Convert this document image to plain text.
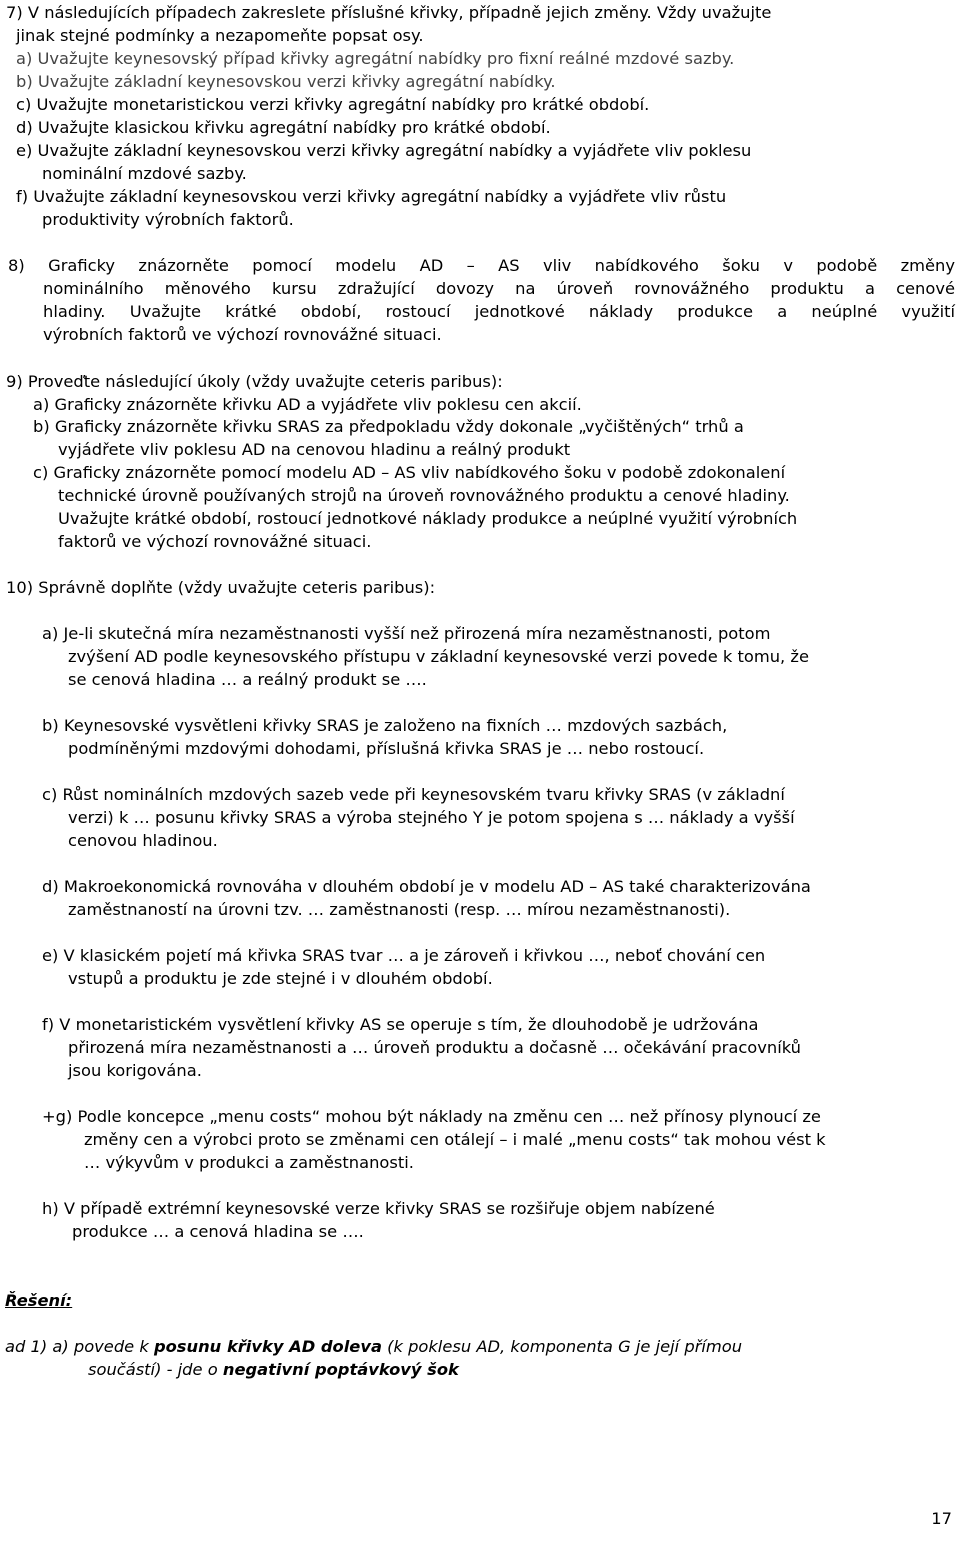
7) V následujících případech zakreslete příslušné křivky, případně jejich změny. Vždy uvažujte
jinak stejné podmínky a nezapomeňte popsat osy.
a) Uvažujte keynesovský případ křivky agregátní nabídky pro fixní reálné mzdové sazby.
b) Uvažujte základní keynesovskou verzi křivky agregátní nabídky.
c) Uvažujte monetaristickou verzi křivky agregátní nabídky pro krátké období.
d) Uvažujte klasickou křivku agregátní nabídky pro krátké období.
e) Uvažujte základní keynesovskou verzi křivky agregátní nabídky a vyjádřete vliv poklesu
nominální mzdové sazby.
f) Uvažujte základní keynesovskou verzi křivky agregátní nabídky a vyjádřete vliv růstu
produktivity výrobních faktorů.
8) Graficky znázorněte pomocí modelu AD – AS vliv nabídkového šoku v podobě změny
nominálního měnového kursu zdražující dovozy na úroveň rovnovážného produktu a cenové
hladiny. Uvažujte krátké období, rostoucí jednotkové náklady produkce a neúplné využití
výrobních faktorů ve výchozí rovnovážné situaci.
9) Proveďte následující úkoly (vždy uvažujte ceteris paribus):
a) Graficky znázorněte křivku AD a vyjádřete vliv poklesu cen akcií.
b) Graficky znázorněte křivku SRAS za předpokladu vždy dokonale „vyčištěných“ trhů a
vyjádřete vliv poklesu AD na cenovou hladinu a reálný produkt
c) Graficky znázorněte pomocí modelu AD – AS vliv nabídkového šoku v podobě zdokonalení
technické úrovně používaných strojů na úroveň rovnovážného produktu a cenové hladiny.
Uvažujte krátké období, rostoucí jednotkové náklady produkce a neúplné využití výrobních
faktorů ve výchozí rovnovážné situaci.
10) Správně doplňte (vždy uvažujte ceteris paribus):
a) Je-li skutečná míra nezaměstnanosti vyšší než přirozená míra nezaměstnanosti, potom
zvýšení AD podle keynesovského přístupu v základní keynesovské verzi povede k tomu, že
se cenová hladina … a reálný produkt se ….
b) Keynesovské vysvětleni křivky SRAS je založeno na fixních … mzdových sazbách,
podmíněnými mzdovými dohodami, příslušná křivka SRAS je … nebo rostoucí.
c) Růst nominálních mzdových sazeb vede při keynesovském tvaru křivky SRAS (v základní
verzi) k … posunu křivky SRAS a výroba stejného Y je potom spojena s … náklady a vyšší
cenovou hladinou.
d) Makroekonomická rovnováha v dlouhém období je v modelu AD – AS také charakterizována
zaměstnaností na úrovni tzv. … zaměstnanosti (resp. … mírou nezaměstnanosti).
e) V klasickém pojetí má křivka SRAS tvar … a je zároveň i křivkou …, neboť chování cen
vstupů a produktu je zde stejné i v dlouhém období.
f) V monetaristickém vysvětlení křivky AS se operuje s tím, že dlouhodobě je udržována
přirozená míra nezaměstnanosti a … úroveň produktu a dočasně … očekávání pracovníků
jsou korigována.
+g) Podle koncepce „menu costs“ mohou být náklady na změnu cen … než přínosy plynoucí ze
změny cen a výrobci proto se změnami cen otálejí – i malé „menu costs“ tak mohou vést k
… výkyvům v produkci a zaměstnanosti.
h) V případě extrémní keynesovské verze křivky SRAS se rozšiřuje objem nabízené
produkce … a cenová hladina se ….
Řešení:
ad 1) a) povede k posunu křivky AD doleva (k poklesu AD, komponenta G je její přímou
součástí) - jde o negativní poptávkový šok
17
